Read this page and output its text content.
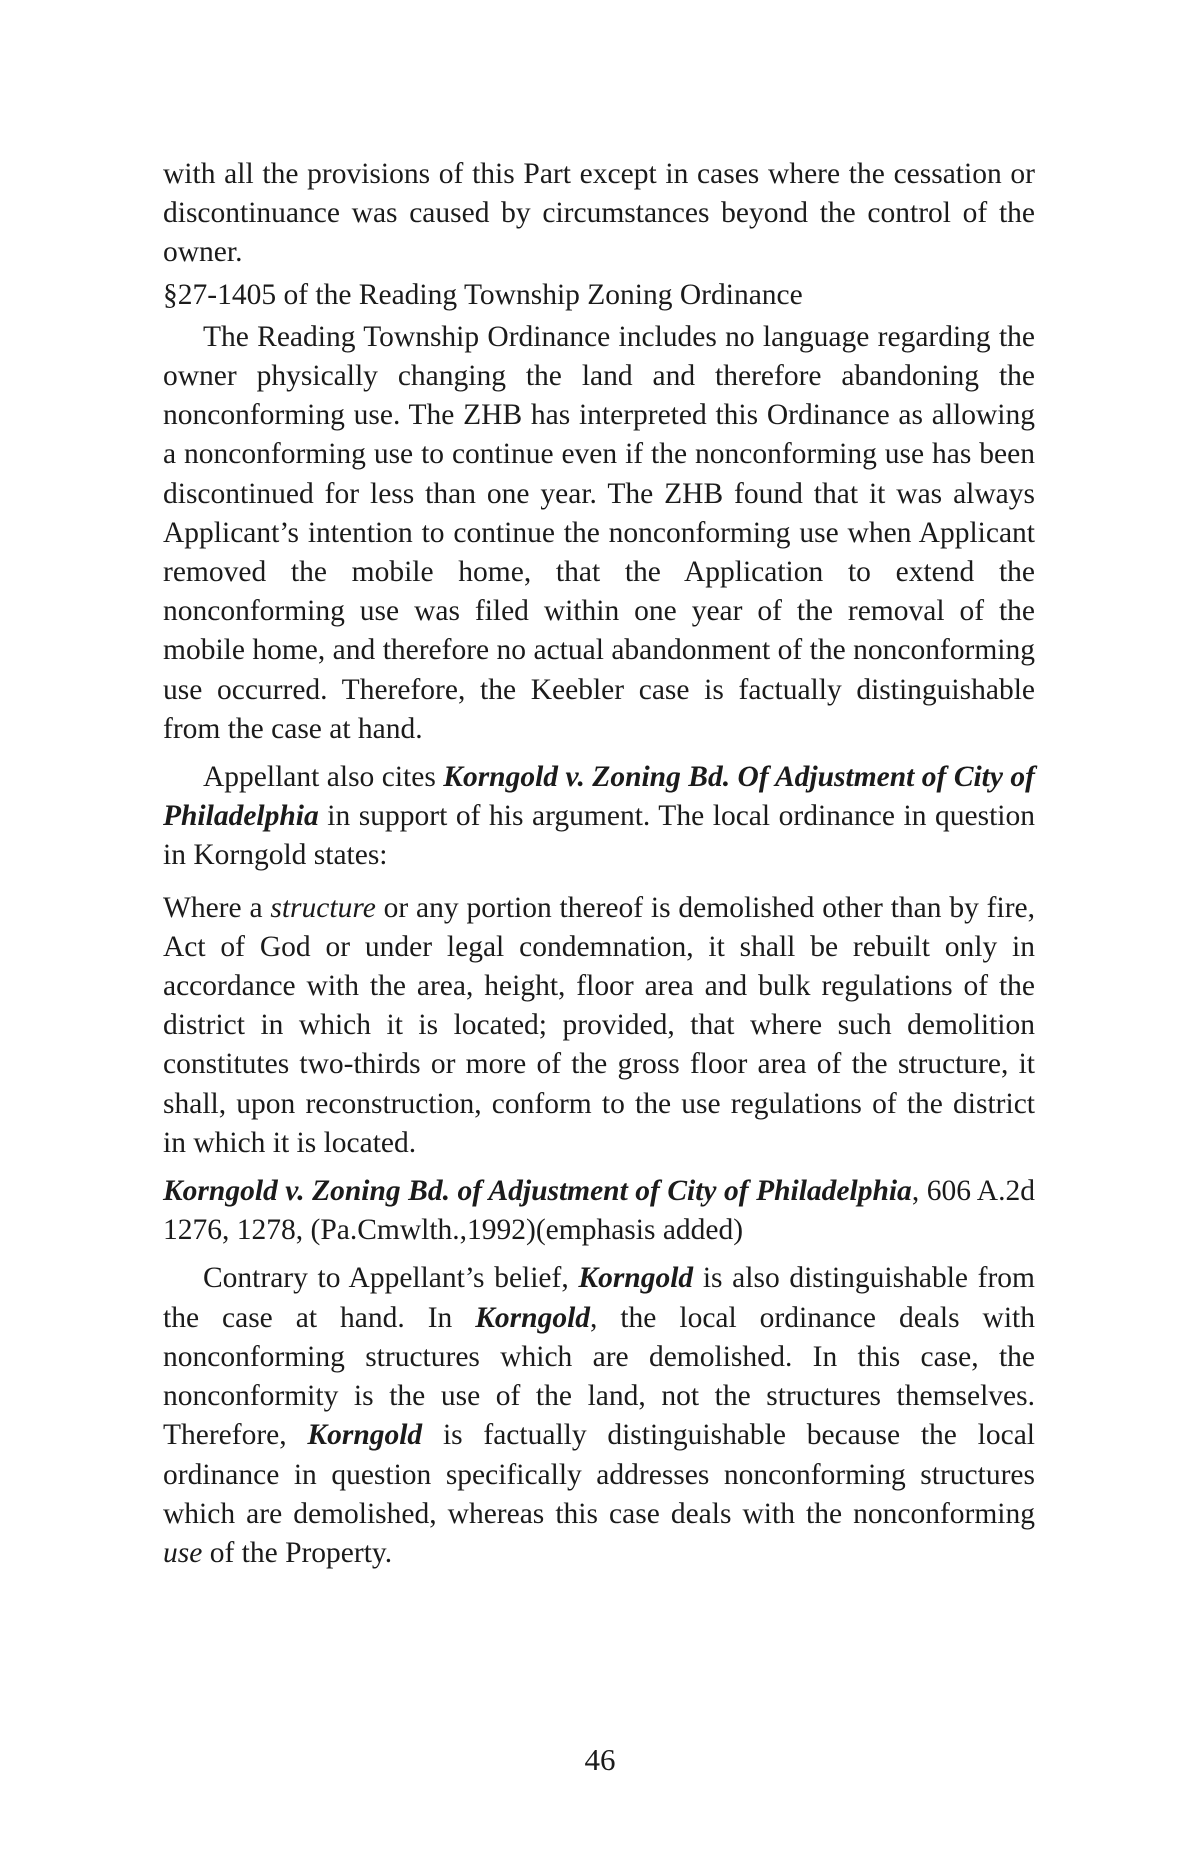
with all the provisions of this Part except in cases where the cessation or discontinuance was caused by circumstances beyond the control of the owner.

§27-1405 of the Reading Township Zoning Ordinance

The Reading Township Ordinance includes no language regarding the owner physically changing the land and therefore abandoning the nonconforming use. The ZHB has interpreted this Ordinance as allowing a nonconforming use to continue even if the nonconforming use has been discontinued for less than one year. The ZHB found that it was always Applicant’s intention to continue the nonconforming use when Applicant removed the mobile home, that the Application to extend the nonconforming use was filed within one year of the removal of the mobile home, and therefore no actual abandonment of the nonconforming use occurred. Therefore, the Keebler case is factually distinguishable from the case at hand.

Appellant also cites Korngold v. Zoning Bd. Of Adjustment of City of Philadelphia in support of his argument. The local ordinance in question in Korngold states:

Where a structure or any portion thereof is demolished other than by fire, Act of God or under legal condemnation, it shall be rebuilt only in accordance with the area, height, floor area and bulk regulations of the district in which it is located; provided, that where such demolition constitutes two-thirds or more of the gross floor area of the structure, it shall, upon reconstruction, conform to the use regulations of the district in which it is located.

Korngold v. Zoning Bd. of Adjustment of City of Philadelphia, 606 A.2d 1276, 1278, (Pa.Cmwlth.,1992)(emphasis added)

Contrary to Appellant’s belief, Korngold is also distinguishable from the case at hand. In Korngold, the local ordinance deals with nonconforming structures which are demolished. In this case, the nonconformity is the use of the land, not the structures themselves. Therefore, Korngold is factually distinguishable because the local ordinance in question specifically addresses nonconforming structures which are demolished, whereas this case deals with the nonconforming use of the Property.

46
